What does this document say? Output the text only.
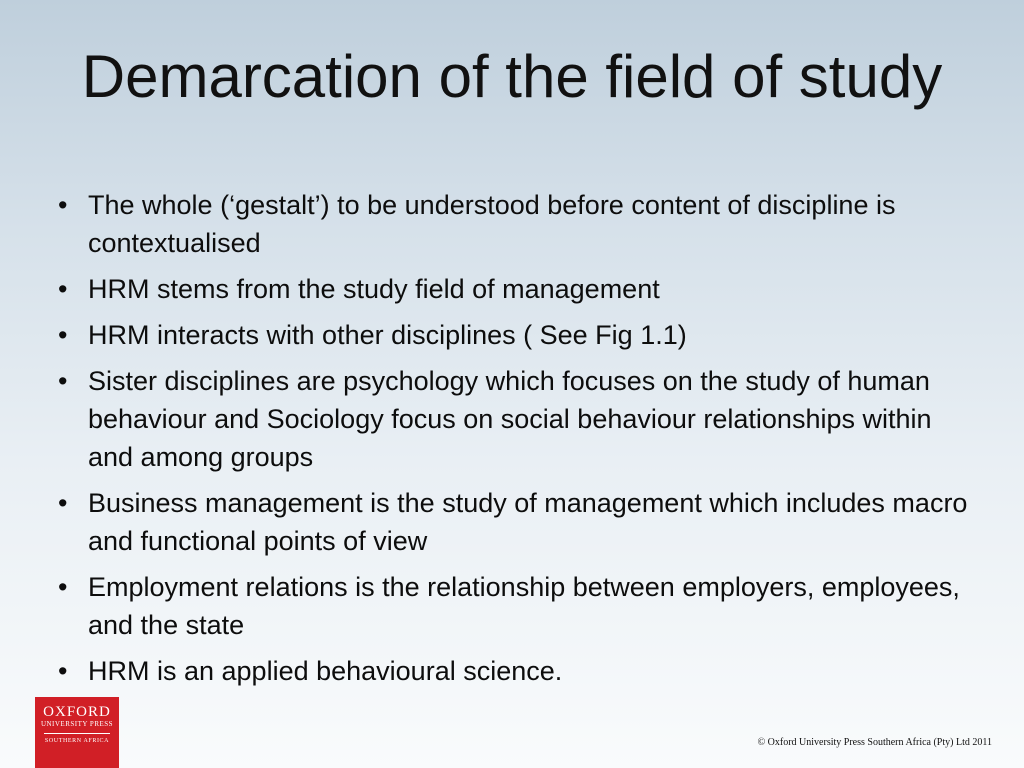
Demarcation of the field of study
• The whole (‘gestalt’) to be understood before content of discipline is contextualised
• HRM stems from the study field of management
• HRM interacts with other disciplines ( See Fig 1.1)
• Sister disciplines are psychology which focuses on the study of human behaviour and Sociology focus on social behaviour relationships within and among groups
• Business management is the study of management which includes macro and functional points of view
• Employment relations is the relationship between employers, employees, and the state
• HRM is an applied behavioural science.
OXFORD
UNIVERSITY PRESS
SOUTHERN AFRICA	© Oxford University Press Southern Africa (Pty) Ltd 2011
